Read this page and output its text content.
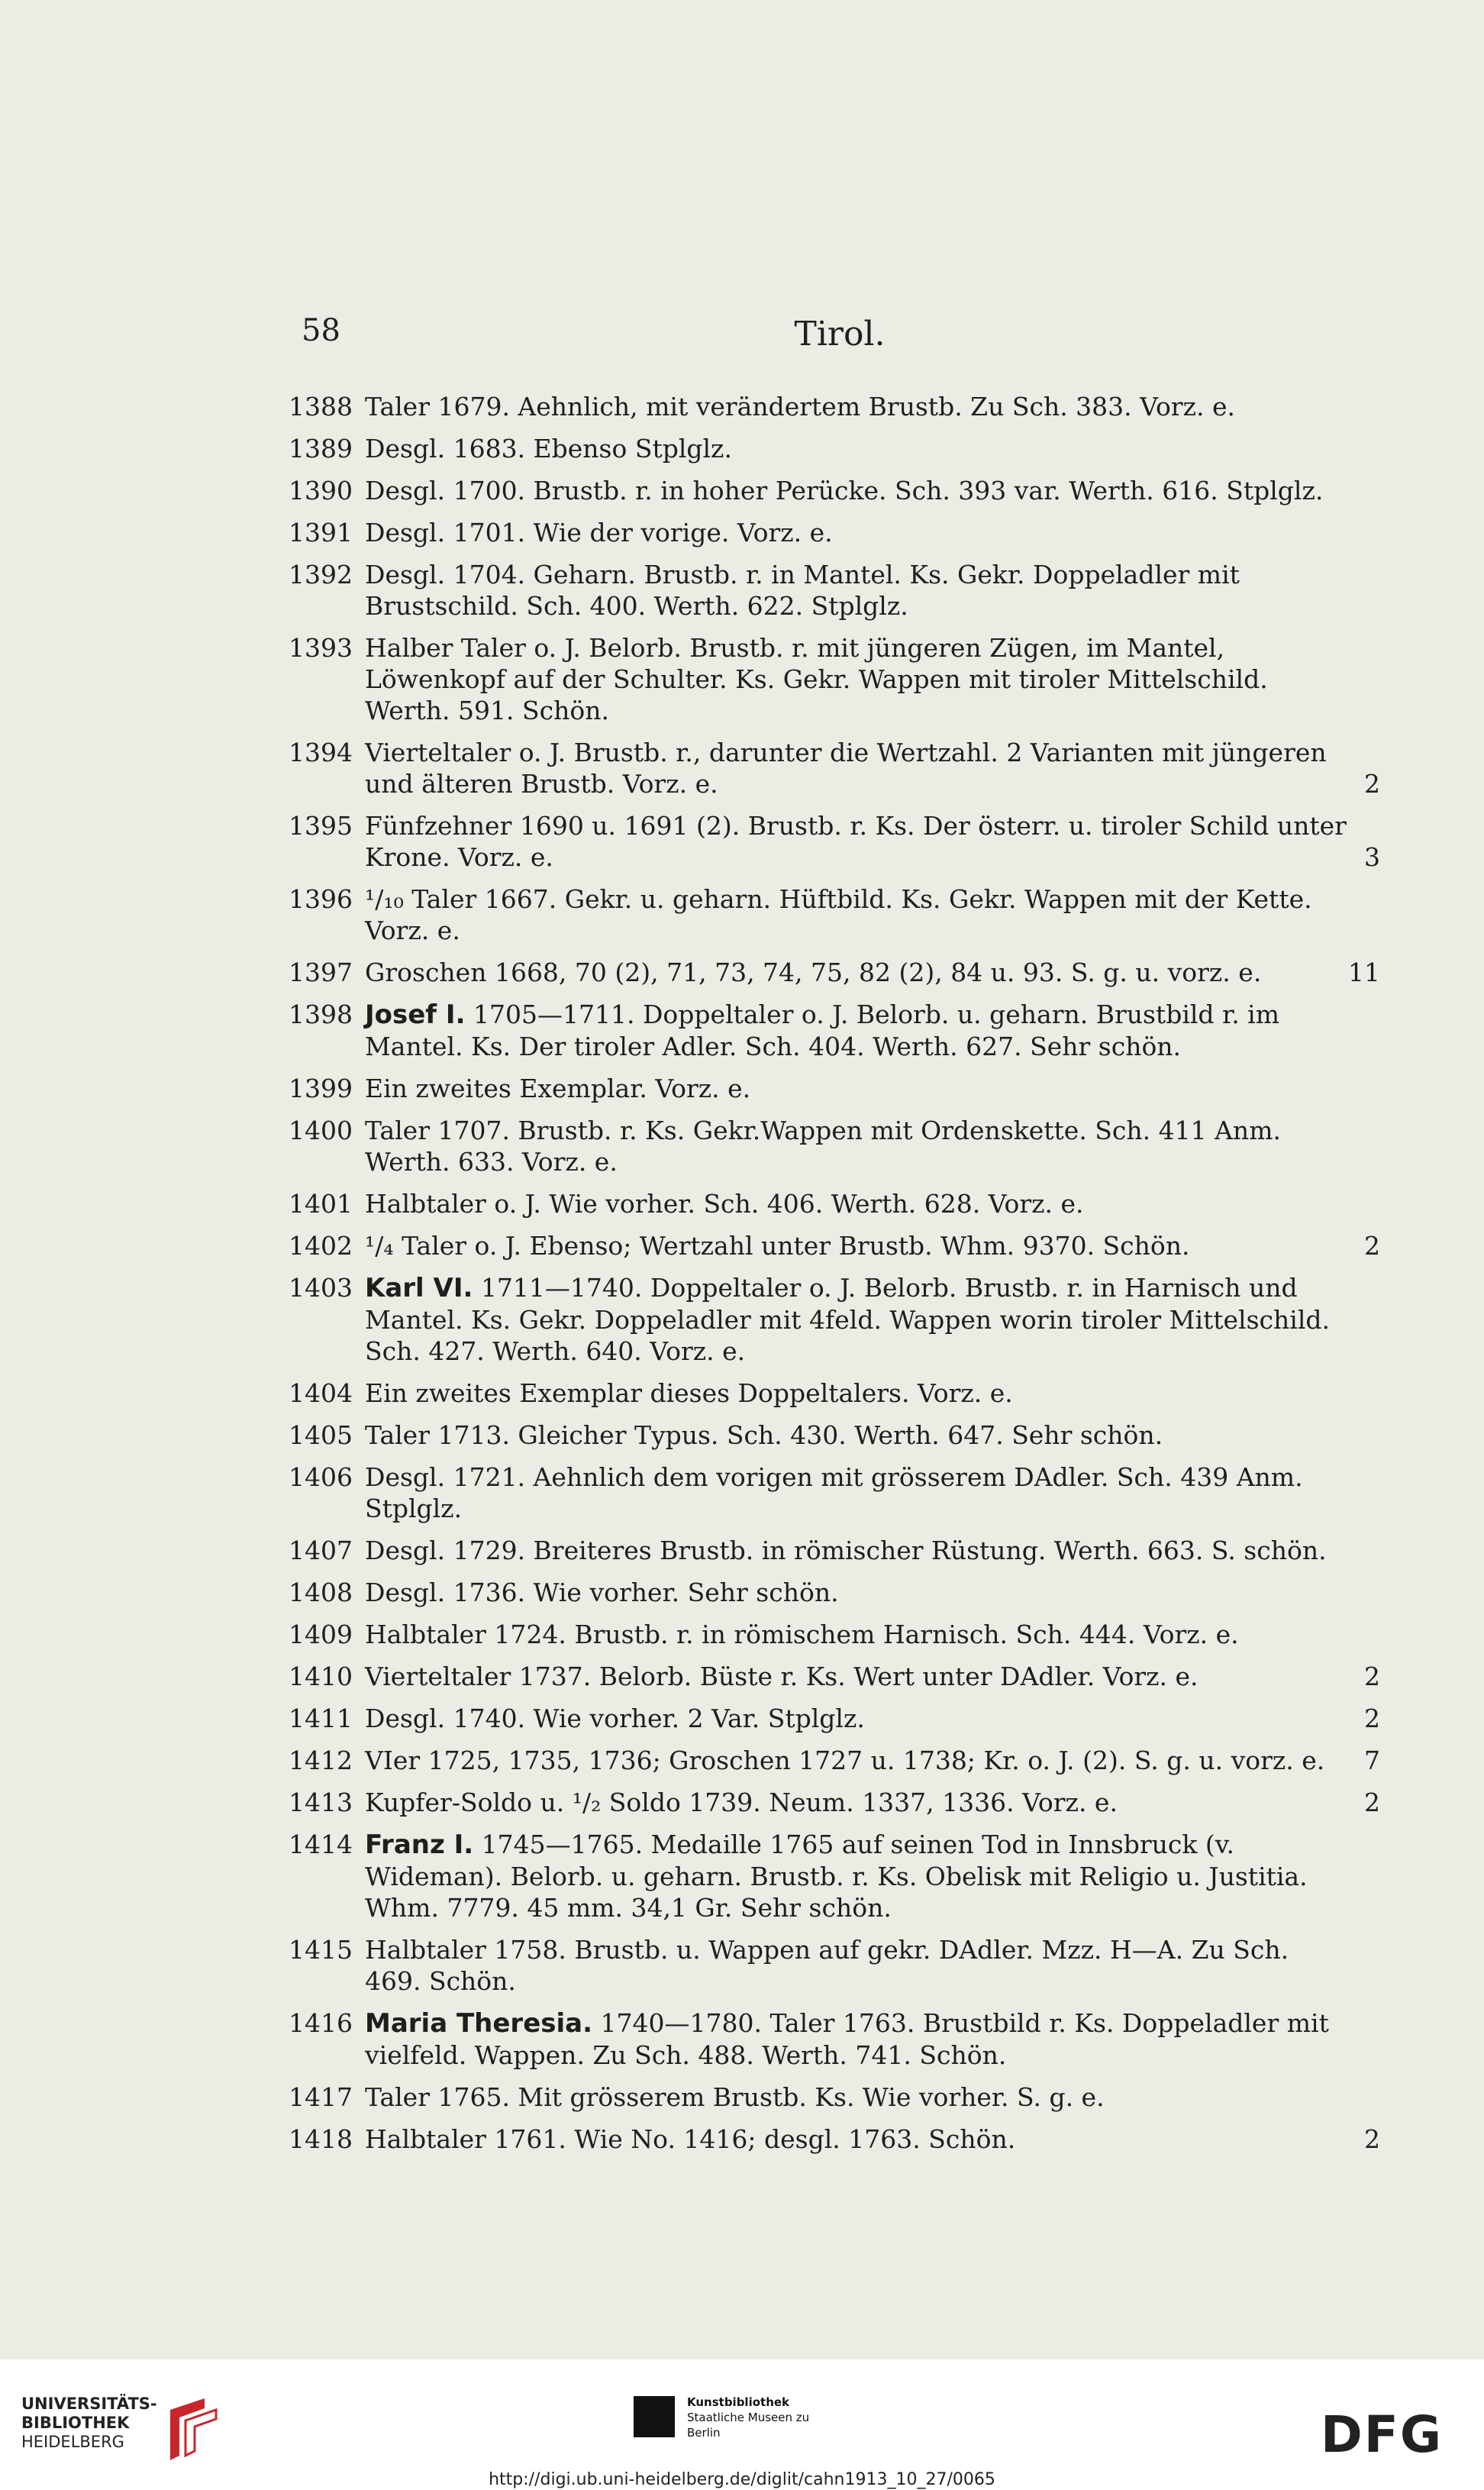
58	Tirol.
1388 Taler 1679. Aehnlich, mit verändertem Brustb. Zu Sch. 383. Vorz. e.
1389 Desgl. 1683. Ebenso Stplglz.
1390 Desgl. 1700. Brustb. r. in hoher Perücke. Sch. 393 var. Werth. 616. Stplglz.
1391 Desgl. 1701. Wie der vorige. Vorz. e.
1392 Desgl. 1704. Geharn. Brustb. r. in Mantel. Ks. Gekr. Doppeladler mit Brustschild. Sch. 400. Werth. 622. Stplglz.
1393 Halber Taler o. J. Belorb. Brustb. r. mit jüngeren Zügen, im Mantel, Löwenkopf auf der Schulter. Ks. Gekr. Wappen mit tiroler Mittelschild. Werth. 591. Schön.
1394 Vierteltaler o. J. Brustb. r., darunter die Wertzahl. 2 Varianten mit jüngeren und älteren Brustb. Vorz. e.	2
1395 Fünfzehner 1690 u. 1691 (2). Brustb. r. Ks. Der österr. u. tiroler Schild unter Krone. Vorz. e.	3
1396 ¹/₁₀ Taler 1667. Gekr. u. geharn. Hüftbild. Ks. Gekr. Wappen mit der Kette. Vorz. e.
1397 Groschen 1668, 70 (2), 71, 73, 74, 75, 82 (2), 84 u. 93. S. g. u. vorz. e.	11
1398 Josef I. 1705—1711. Doppeltaler o. J. Belorb. u. geharn. Brustbild r. im Mantel. Ks. Der tiroler Adler. Sch. 404. Werth. 627. Sehr schön.
1399 Ein zweites Exemplar. Vorz. e.
1400 Taler 1707. Brustb. r. Ks. Gekr.Wappen mit Ordenskette. Sch. 411 Anm. Werth. 633. Vorz. e.
1401 Halbtaler o. J. Wie vorher. Sch. 406. Werth. 628. Vorz. e.
1402 ¹/₄ Taler o. J. Ebenso; Wertzahl unter Brustb. Whm. 9370. Schön.	2
1403 Karl VI. 1711—1740. Doppeltaler o. J. Belorb. Brustb. r. in Harnisch und Mantel. Ks. Gekr. Doppeladler mit 4feld. Wappen worin tiroler Mittelschild. Sch. 427. Werth. 640. Vorz. e.
1404 Ein zweites Exemplar dieses Doppeltalers. Vorz. e.
1405 Taler 1713. Gleicher Typus. Sch. 430. Werth. 647. Sehr schön.
1406 Desgl. 1721. Aehnlich dem vorigen mit grösserem DAdler. Sch. 439 Anm. Stplglz.
1407 Desgl. 1729. Breiteres Brustb. in römischer Rüstung. Werth. 663. S. schön.
1408 Desgl. 1736. Wie vorher. Sehr schön.
1409 Halbtaler 1724. Brustb. r. in römischem Harnisch. Sch. 444. Vorz. e.
1410 Vierteltaler 1737. Belorb. Büste r. Ks. Wert unter DAdler. Vorz. e.	2
1411 Desgl. 1740. Wie vorher. 2 Var. Stplglz.	2
1412 VIer 1725, 1735, 1736; Groschen 1727 u. 1738; Kr. o. J. (2). S. g. u. vorz. e.	7
1413 Kupfer-Soldo u. ¹/₂ Soldo 1739. Neum. 1337, 1336. Vorz. e.	2
1414 Franz I. 1745—1765. Medaille 1765 auf seinen Tod in Innsbruck (v. Wideman). Belorb. u. geharn. Brustb. r. Ks. Obelisk mit Religio u. Justitia. Whm. 7779. 45 mm. 34,1 Gr. Sehr schön.
1415 Halbtaler 1758. Brustb. u. Wappen auf gekr. DAdler. Mzz. H—A. Zu Sch. 469. Schön.
1416 Maria Theresia. 1740—1780. Taler 1763. Brustbild r. Ks. Doppeladler mit vielfeld. Wappen. Zu Sch. 488. Werth. 741. Schön.
1417 Taler 1765. Mit grösserem Brustb. Ks. Wie vorher. S. g. e.
1418 Halbtaler 1761. Wie No. 1416; desgl. 1763. Schön.	2
UNIVERSITÄTS-
BIBLIOTHEK
HEIDELBERG
Kunstbibliothek
Staatliche Museen zu Berlin	DFG
http://digi.ub.uni-heidelberg.de/diglit/cahn1913_10_27/0065
